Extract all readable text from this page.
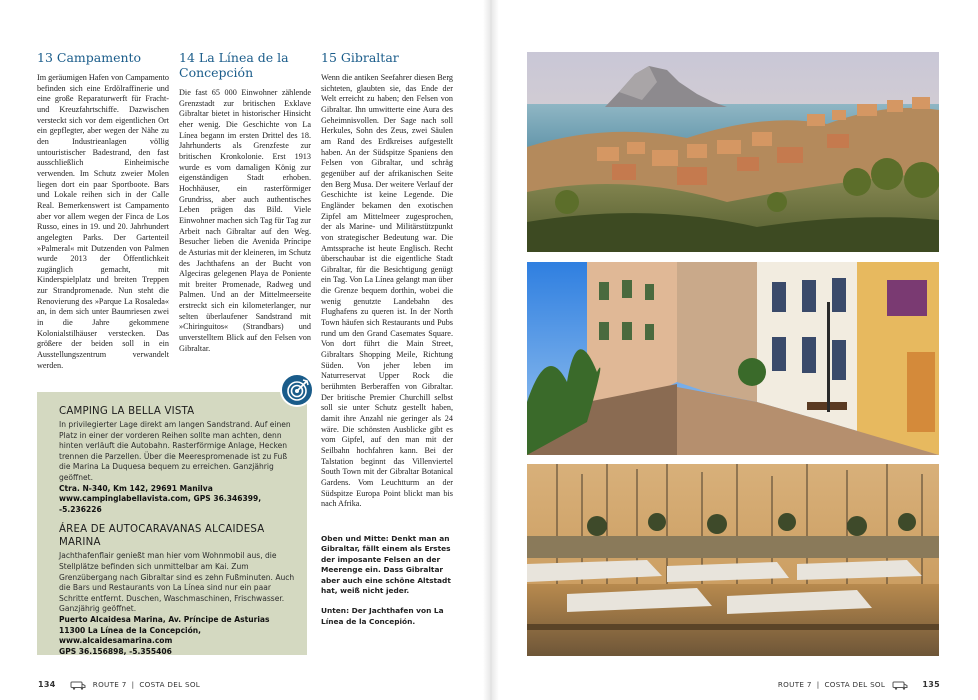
13 Campamento

Im geräumigen Hafen von Campamento befinden sich eine Erdölraffinerie und eine große Reparaturwerft für Fracht- und Kreuzfahrtschiffe. Dazwischen versteckt sich vor dem eigentlichen Ort ein gepflegter, aber wegen der Nähe zu den Industrieanlagen völlig untouristischer Badestrand, den fast ausschließlich Einheimische verwenden. Im Schutz zweier Molen liegen dort ein paar Sportboote. Bars und Lokale reihen sich in der Calle Real. Bemerkenswert ist Campamento aber vor allem wegen der Finca de Los Russo, eines in 19. und 20. Jahrhundert angelegten Parks. Der Gartenteil »Palmeral« mit Dutzenden von Palmen wurde 2013 der Öffentlichkeit zugänglich gemacht, mit Kinderspielplatz und breiten Treppen zur Strandpromenade. Nun steht die Renovierung des »Parque La Rosaleda« an, in dem sich unter Baumriesen zwei in die Jahre gekommene Kolonialstilhäuser verstecken. Das größere der beiden soll in ein Ausstellungszentrum verwandelt werden.

14 La Línea de la Concepción

Die fast 65 000 Einwohner zählende Grenzstadt zur britischen Exklave Gibraltar bietet in historischer Hinsicht eher wenig. Die Geschichte von La Línea begann im ersten Drittel des 18. Jahrhunderts als Grenzfeste zur britischen Kronkolonie. Erst 1913 wurde es vom damaligen König zur eigenständigen Stadt erhoben. Hochhäuser, ein rasterförmiger Grundriss, aber auch authentisches Leben prägen das Bild. Viele Einwohner machen sich Tag für Tag zur Arbeit nach Gibraltar auf den Weg. Besucher lieben die Avenida Príncipe de Asturias mit der kleineren, im Schutz des Jachthafens an der Bucht von Algeciras gelegenen Playa de Poniente mit breiter Promenade, Radweg und Palmen. Und an der Mittelmeerseite erstreckt sich ein kilometerlanger, nur selten überlaufener Sandstrand mit »Chiringuitos« (Strandbars) und unverstelltem Blick auf den Felsen von Gibraltar.

15 Gibraltar

Wenn die antiken Seefahrer diesen Berg sichteten, glaubten sie, das Ende der Welt erreicht zu haben; den Felsen von Gibraltar. Ihn umwitterte eine Aura des Geheimnisvollen. Der Sage nach soll Herkules, Sohn des Zeus, zwei Säulen am Rand des Erdkreises aufgestellt haben. An der Südspitze Spaniens den Felsen von Gibraltar, und schräg gegenüber auf der afrikanischen Seite den Berg Musa. Der weitere Verlauf der Geschichte ist keine Legende. Die Engländer bekamen den exotischen Zipfel am Mittelmeer zugesprochen, der als Marine- und Militärstützpunkt von strategischer Bedeutung war. Die Amtssprache ist heute Englisch. Recht überschaubar ist die eigentliche Stadt Gibraltar, für die Besichtigung genügt ein Tag. Von La Línea gelangt man über die Grenze bequem dorthin, wobei die wenig genutzte Landebahn des Flughafens zu queren ist. In der North Town häufen sich Restaurants und Pubs rund um den Grand Casemates Square. Von dort führt die Main Street, Gibraltars Shopping Meile, Richtung Süden. Von jeher leben im Naturreservat Upper Rock die berühmten Berberaffen von Gibraltar. Der britische Premier Churchill selbst soll sie unter Schutz gestellt haben, damit ihre Anzahl nie geringer als 24 wäre. Die schönsten Ausblicke gibt es vom Gipfel, auf den man mit der Seilbahn hochfahren kann. Bei der Talstation beginnt das Villenviertel South Town mit der Gibraltar Botanical Gardens. Vom Leuchtturm an der Südspitze Europa Point blickt man bis nach Afrika.

Oben und Mitte: Denkt man an Gibraltar, fällt einem als Erstes der imposante Felsen an der Meerenge ein. Dass Gibraltar aber auch eine schöne Altstadt hat, weiß nicht jeder.

Unten: Der Jachthafen von La Línea de la Concepión.

CAMPING LA BELLA VISTA
In privilegierter Lage direkt am langen Sandstrand. Auf einen Platz in einer der vorderen Reihen sollte man achten, denn hinten verläuft die Autobahn. Rasterförmige Anlage, Hecken trennen die Parzellen. Über die Meerespromenade ist zu Fuß die Marina La Duquesa bequem zu erreichen. Ganzjährig geöffnet.
Ctra. N-340, Km 142, 29691 Manilva
www.campinglabellavista.com, GPS 36.346399, -5.236226
ÁREA DE AUTOCARAVANAS ALCAIDESA MARINA
Jachthafenflair genießt man hier vom Wohnmobil aus, die Stellplätze befinden sich unmittelbar am Kai. Zum Grenzübergang nach Gibraltar sind es zehn Fußminuten. Auch die Bars und Restaurants von La Línea sind nur ein paar Schritte entfernt. Duschen, Waschmaschinen, Frischwasser. Ganzjährig geöffnet.
Puerto Alcaidesa Marina, Av. Príncipe de Asturias
11300 La Línea de la Concepción, www.alcaidesamarina.com
GPS 36.156898, -5.355406
134	ROUTE 7 | COSTA DEL SOL	ROUTE 7 | COSTA DEL SOL	135
